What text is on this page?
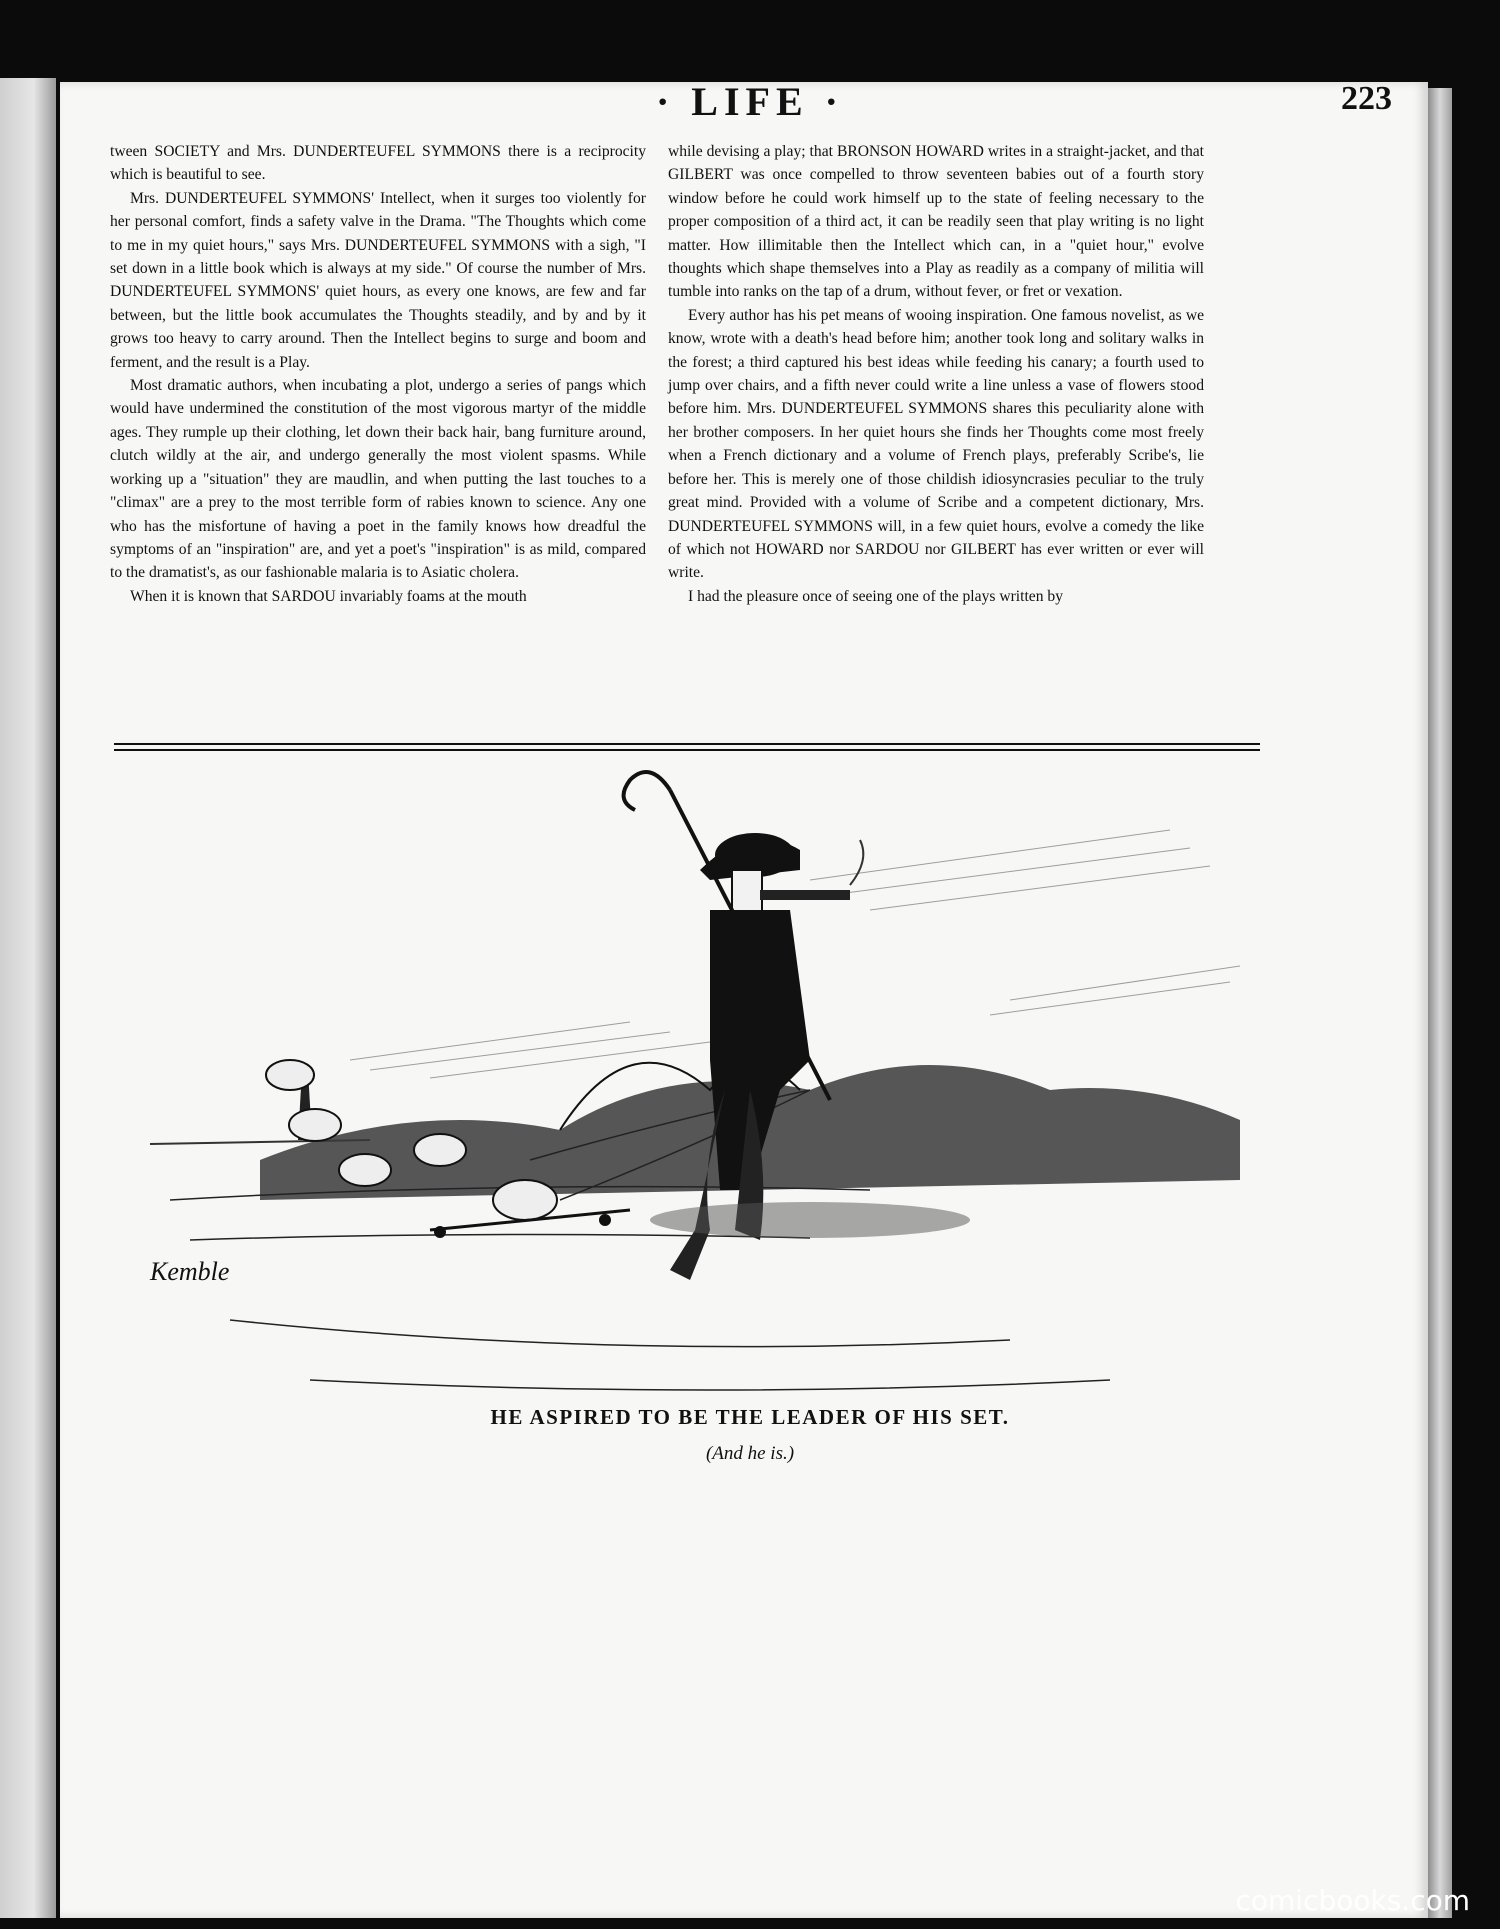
· LIFE ·	223

tween SOCIETY and Mrs. DUNDERTEUFEL SYMMONS there is a reciprocity which is beautiful to see.

Mrs. DUNDERTEUFEL SYMMONS' Intellect, when it surges too violently for her personal comfort, finds a safety valve in the Drama. "The Thoughts which come to me in my quiet hours," says Mrs. DUNDERTEUFEL SYMMONS with a sigh, "I set down in a little book which is always at my side." Of course the number of Mrs. DUNDERTEUFEL SYMMONS' quiet hours, as every one knows, are few and far between, but the little book accumulates the Thoughts steadily, and by and by it grows too heavy to carry around. Then the Intellect begins to surge and boom and ferment, and the result is a Play.

Most dramatic authors, when incubating a plot, undergo a series of pangs which would have undermined the constitution of the most vigorous martyr of the middle ages. They rumple up their clothing, let down their back hair, bang furniture around, clutch wildly at the air, and undergo generally the most violent spasms. While working up a "situation" they are maudlin, and when putting the last touches to a "climax" are a prey to the most terrible form of rabies known to science. Any one who has the misfortune of having a poet in the family knows how dreadful the symptoms of an "inspiration" are, and yet a poet's "inspiration" is as mild, compared to the dramatist's, as our fashionable malaria is to Asiatic cholera.

When it is known that SARDOU invariably foams at the mouth

while devising a play; that BRONSON HOWARD writes in a straight-jacket, and that GILBERT was once compelled to throw seventeen babies out of a fourth story window before he could work himself up to the state of feeling necessary to the proper composition of a third act, it can be readily seen that play writing is no light matter. How illimitable then the Intellect which can, in a "quiet hour," evolve thoughts which shape themselves into a Play as readily as a company of militia will tumble into ranks on the tap of a drum, without fever, or fret or vexation.

Every author has his pet means of wooing inspiration. One famous novelist, as we know, wrote with a death's head before him; another took long and solitary walks in the forest; a third captured his best ideas while feeding his canary; a fourth used to jump over chairs, and a fifth never could write a line unless a vase of flowers stood before him. Mrs. DUNDERTEUFEL SYMMONS shares this peculiarity alone with her brother composers. In her quiet hours she finds her Thoughts come most freely when a French dictionary and a volume of French plays, preferably Scribe's, lie before her. This is merely one of those childish idiosyncrasies peculiar to the truly great mind. Provided with a volume of Scribe and a competent dictionary, Mrs. DUNDERTEUFEL SYMMONS will, in a few quiet hours, evolve a comedy the like of which not HOWARD nor SARDOU nor GILBERT has ever written or ever will write.

I had the pleasure once of seeing one of the plays written by

Kemble
HE ASPIRED TO BE THE LEADER OF HIS SET.
(And he is.)
comicbooks.com
